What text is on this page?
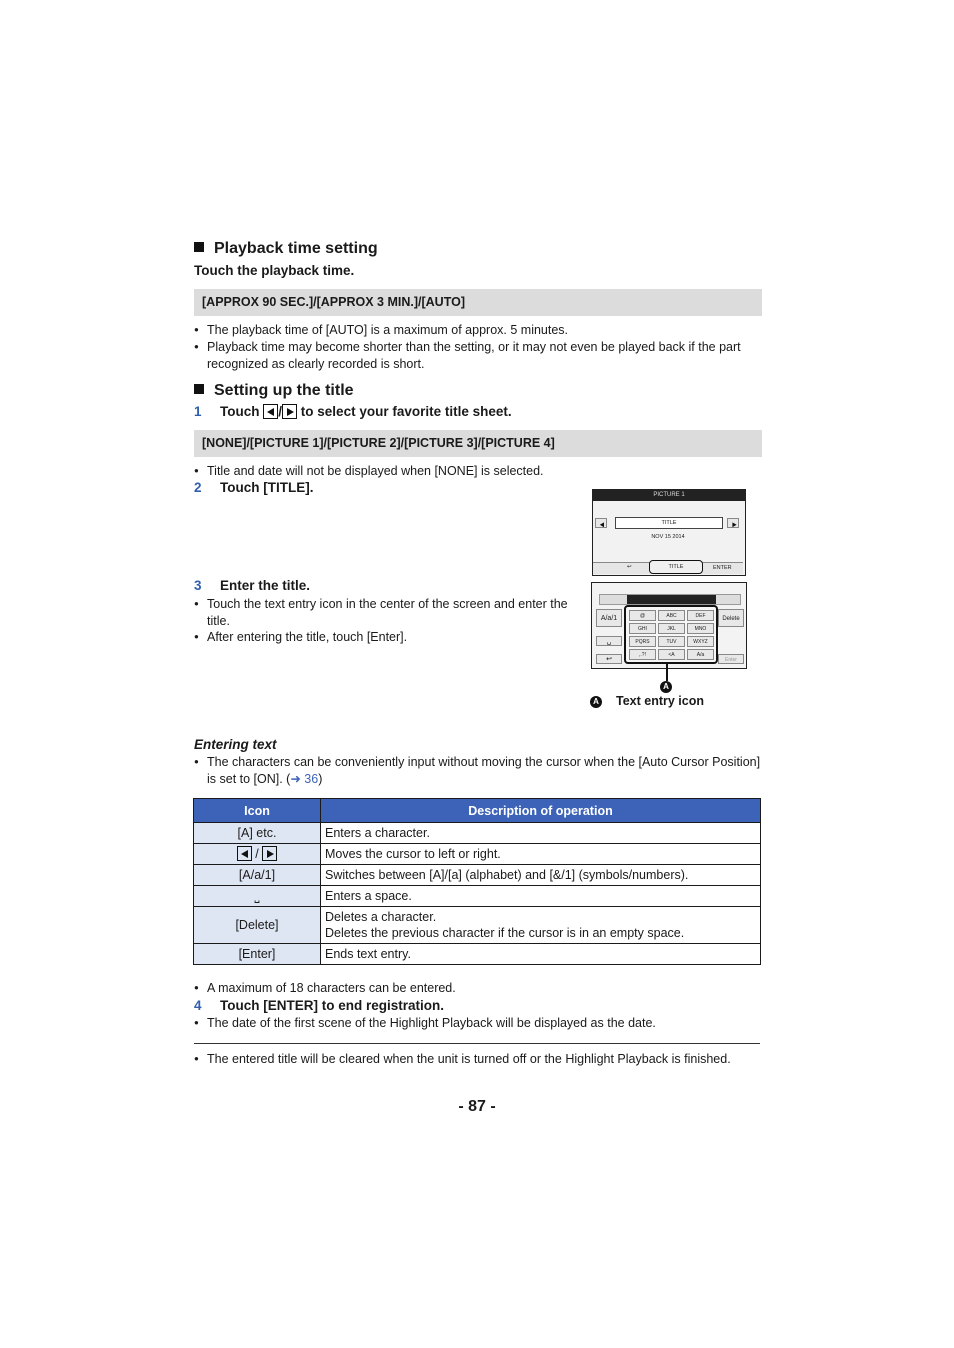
Playback time setting
Touch the playback time.
[APPROX 90 SEC.]/[APPROX 3 MIN.]/[AUTO]
● The playback time of [AUTO] is a maximum of approx. 5 minutes.
● Playback time may become shorter than the setting, or it may not even be played back if the part recognized as clearly recorded is short.
Setting up the title
1 Touch / to select your favorite title sheet.
[NONE]/[PICTURE 1]/[PICTURE 2]/[PICTURE 3]/[PICTURE 4]
● Title and date will not be displayed when [NONE] is selected.
2 Touch [TITLE].
3 Enter the title.
● Touch the text entry icon in the center of the screen and enter the title.
● After entering the title, touch [Enter].
PICTURE 1
TITLE
NOV 15 2014
↩	TITLE	ENTER
A/a/1	Delete
␣
↩	Enter
@	ABC	DEF
GHI	JKL	MNO
PQRS	TUV	WXYZ
,.?!	<A	A/a
A
A Text entry icon
Entering text
● The characters can be conveniently input without moving the cursor when the [Auto Cursor Position] is set to [ON]. (➜ 36)
Icon	Description of operation
[A] etc.	Enters a character.
/	Moves the cursor to left or right.
[A/a/1]	Switches between [A]/[a] (alphabet) and [&/1] (symbols/numbers).
⎵	Enters a space.
[Delete]	Deletes a character.
Deletes the previous character if the cursor is in an empty space.

[Enter]	Ends text entry.
● A maximum of 18 characters can be entered.
4 Touch [ENTER] to end registration.
● The date of the first scene of the Highlight Playback will be displayed as the date.
● The entered title will be cleared when the unit is turned off or the Highlight Playback is finished.
- 87 -
